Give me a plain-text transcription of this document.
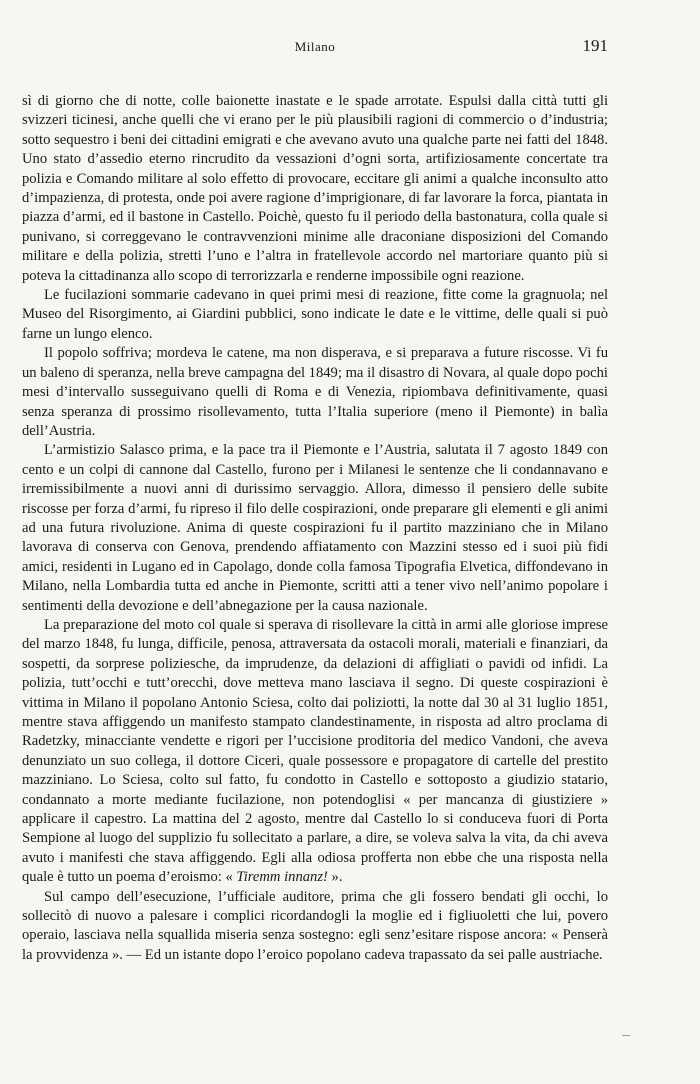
Milano	191

sì di giorno che di notte, colle baionette inastate e le spade arrotate. Espulsi dalla città tutti gli svizzeri ticinesi, anche quelli che vi erano per le più plausibili ragioni di commercio o d’industria; sotto sequestro i beni dei cittadini emigrati e che avevano avuto una qualche parte nei fatti del 1848. Uno stato d’assedio eterno rincrudito da vessazioni d’ogni sorta, artifiziosamente concertate tra polizia e Comando militare al solo effetto di provocare, eccitare gli animi a qualche inconsulto atto d’impazienza, di protesta, onde poi avere ragione d’imprigionare, di far lavorare la forca, piantata in piazza d’armi, ed il bastone in Castello. Poichè, questo fu il periodo della bastonatura, colla quale si punivano, si correggevano le contravvenzioni minime alle draconiane disposizioni del Comando militare e della polizia, stretti l’uno e l’altra in fratellevole accordo nel martoriare quanto più si poteva la cittadinanza allo scopo di terrorizzarla e renderne impossibile ogni reazione.

Le fucilazioni sommarie cadevano in quei primi mesi di reazione, fitte come la gragnuola; nel Museo del Risorgimento, ai Giardini pubblici, sono indicate le date e le vittime, delle quali si può farne un lungo elenco.

Il popolo soffriva; mordeva le catene, ma non disperava, e si preparava a future riscosse. Vi fu un baleno di speranza, nella breve campagna del 1849; ma il disastro di Novara, al quale dopo pochi mesi d’intervallo susseguivano quelli di Roma e di Venezia, ripiombava definitivamente, quasi senza speranza di prossimo risollevamento, tutta l’Italia superiore (meno il Piemonte) in balìa dell’Austria.

L’armistizio Salasco prima, e la pace tra il Piemonte e l’Austria, salutata il 7 agosto 1849 con cento e un colpi di cannone dal Castello, furono per i Milanesi le sentenze che li condannavano e irremissibilmente a nuovi anni di durissimo servaggio. Allora, dimesso il pensiero delle subite riscosse per forza d’armi, fu ripreso il filo delle cospirazioni, onde preparare gli elementi e gli animi ad una futura rivoluzione. Anima di queste cospirazioni fu il partito mazziniano che in Milano lavorava di conserva con Genova, prendendo affiatamento con Mazzini stesso ed i suoi più fidi amici, residenti in Lugano ed in Capolago, donde colla famosa Tipografia Elvetica, diffondevano in Milano, nella Lombardia tutta ed anche in Piemonte, scritti atti a tener vivo nell’animo popolare i sentimenti della devozione e dell’abnegazione per la causa nazionale.

La preparazione del moto col quale si sperava di risollevare la città in armi alle gloriose imprese del marzo 1848, fu lunga, difficile, penosa, attraversata da ostacoli morali, materiali e finanziari, da sospetti, da sorprese poliziesche, da imprudenze, da delazioni di affigliati o pavidi od infidi. La polizia, tutt’occhi e tutt’orecchi, dove metteva mano lasciava il segno. Di queste cospirazioni è vittima in Milano il popolano Antonio Sciesa, colto dai poliziotti, la notte dal 30 al 31 luglio 1851, mentre stava affiggendo un manifesto stampato clandestinamente, in risposta ad altro proclama di Radetzky, minacciante vendette e rigori per l’uccisione proditoria del medico Vandoni, che aveva denunziato un suo collega, il dottore Ciceri, quale possessore e propagatore di cartelle del prestito mazziniano. Lo Sciesa, colto sul fatto, fu condotto in Castello e sottoposto a giudizio statario, condannato a morte mediante fucilazione, non potendoglisi « per mancanza di giustiziere » applicare il capestro. La mattina del 2 agosto, mentre dal Castello lo si conduceva fuori di Porta Sempione al luogo del supplizio fu sollecitato a parlare, a dire, se voleva salva la vita, da chi aveva avuto i manifesti che stava affiggendo. Egli alla odiosa profferta non ebbe che una risposta nella quale è tutto un poema d’eroismo: « Tiremm innanz! ».

Sul campo dell’esecuzione, l’ufficiale auditore, prima che gli fossero bendati gli occhi, lo sollecitò di nuovo a palesare i complici ricordandogli la moglie ed i figliuoletti che lui, povero operaio, lasciava nella squallida miseria senza sostegno: egli senz’esitare rispose ancora: « Penserà la provvidenza ». — Ed un istante dopo l’eroico popolano cadeva trapassato da sei palle austriache.
